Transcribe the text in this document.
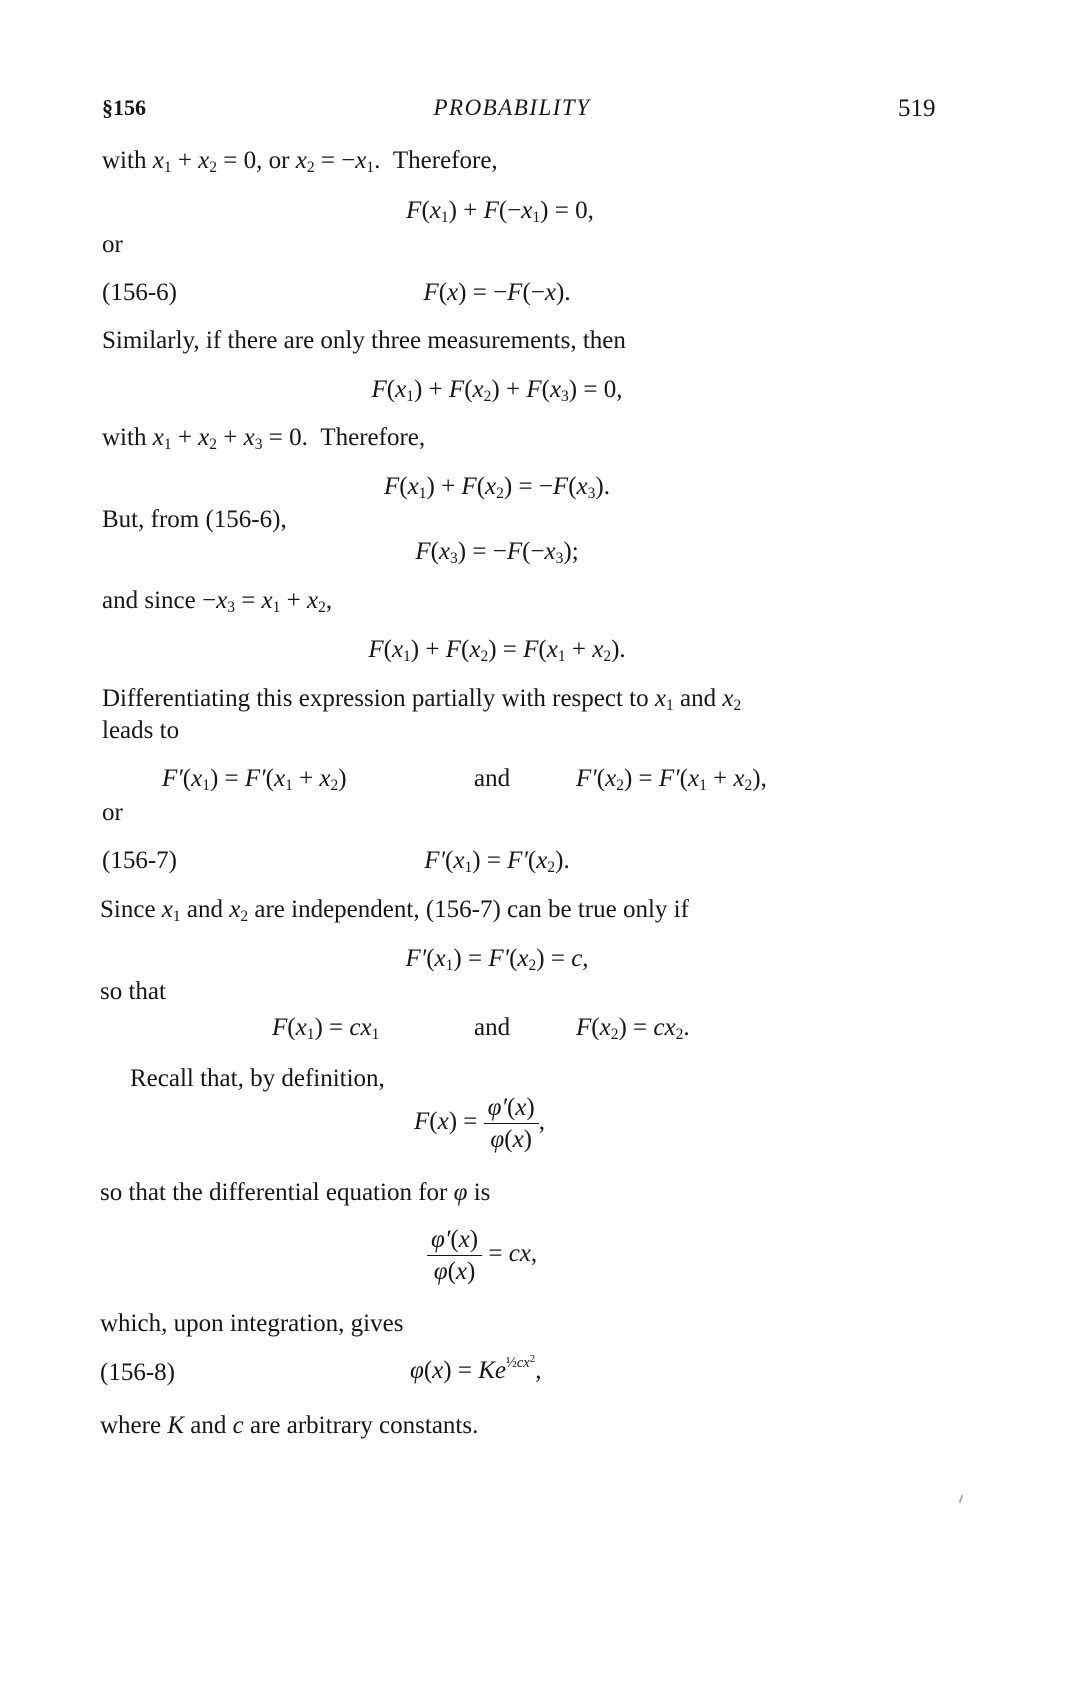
§156	PROBABILITY	519
with $x_1 + x_2 = 0$, or $x_2 = -x_1$. Therefore,
$F(x_1) + F(-x_1) = 0$,
or
(156-6)	F(x) = −F(−x).
Similarly, if there are only three measurements, then
$F(x_1) + F(x_2) + F(x_3) = 0$,
with $x_1 + x_2 + x_3 = 0$. Therefore,
$F(x_1) + F(x_2) = -F(x_3)$.
But, from (156-6),
$F(x_3) = -F(-x_3)$;
and since $-x_3 = x_1 + x_2$,
$F(x_1) + F(x_2) = F(x_1 + x_2)$.
Differentiating this expression partially with respect to $x_1$ and $x_2$
leads to
$F'(x_1) = F'(x_1 + x_2)$	and	$F'(x_2) = F'(x_1 + x_2)$,
or
(156-7)	$F'(x_1) = F'(x_2)$.
Since $x_1$ and $x_2$ are independent, (156-7) can be true only if
$F'(x_1) = F'(x_2) = c$,
so that
$F(x_1) = cx_1$	and	$F(x_2) = cx_2$.
Recall that, by definition,
$F(x) = \frac{\varphi'(x)}{\varphi(x)}$ ,
so that the differential equation for φ is
$\frac{\varphi'(x)}{\varphi(x)}$ = cx,
which, upon integration, gives
(156-8)	$\varphi(x) = Ke^{\frac{1}{2}cx^2}$,
where K and c are arbitrary constants.
